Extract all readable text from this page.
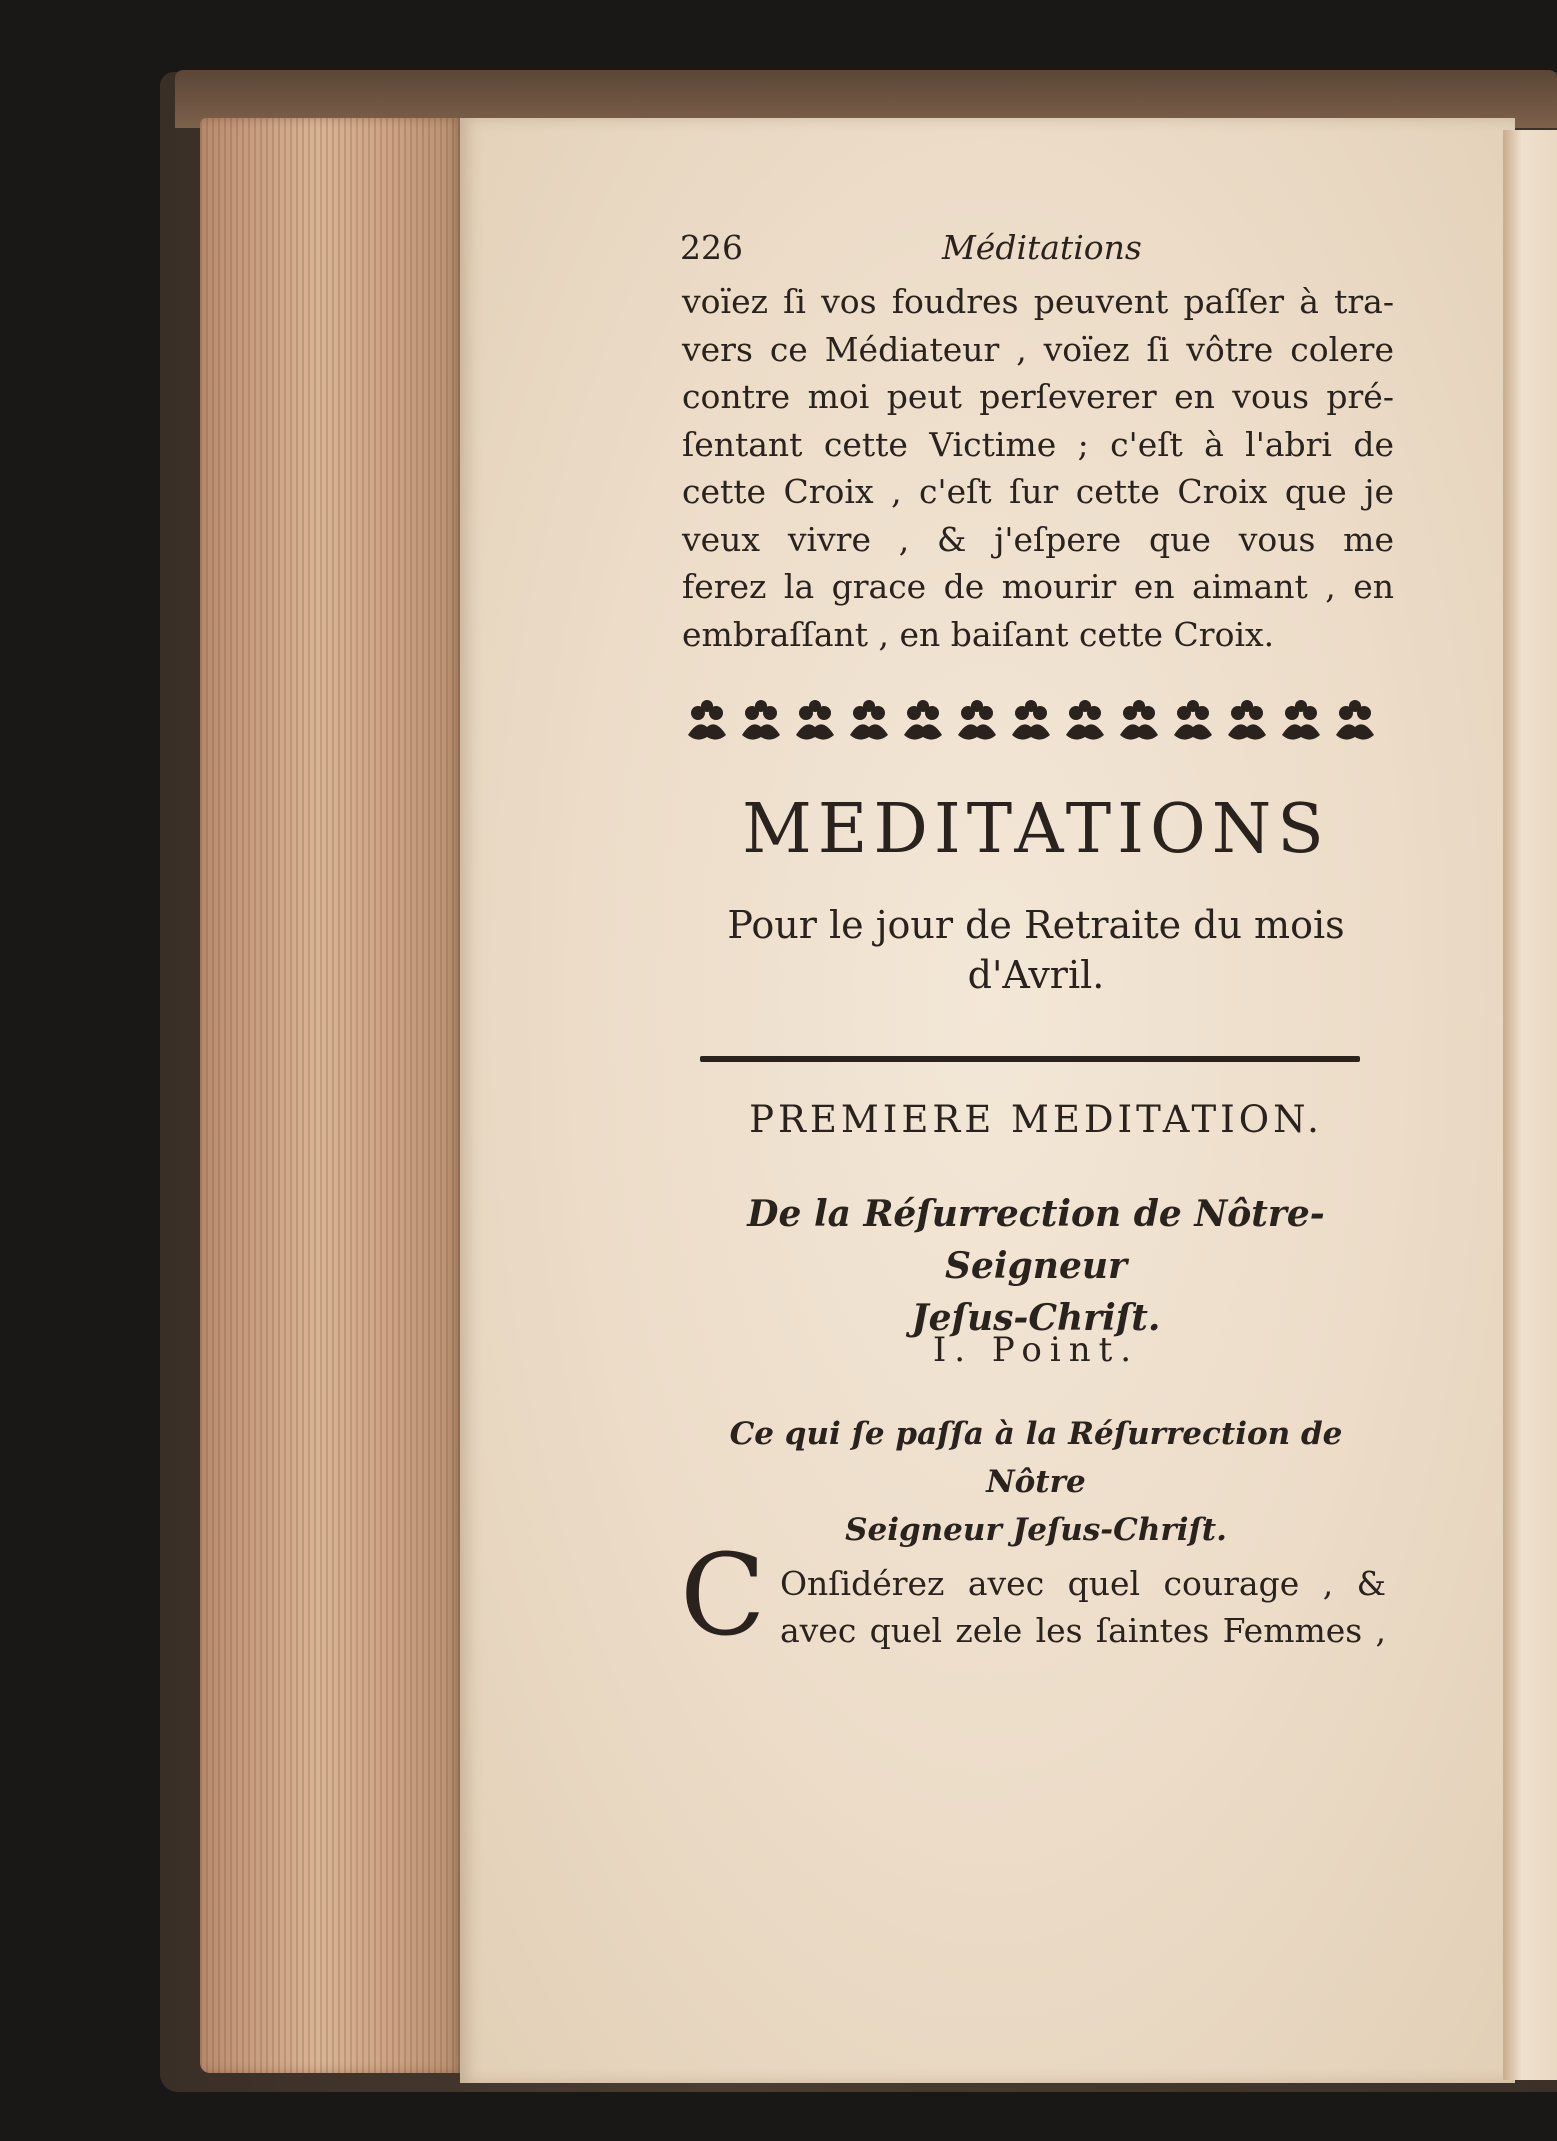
226	Méditations
voïez ſi vos foudres peuvent paſſer à tra-
vers ce Médiateur , voïez ſi vôtre colere
contre moi peut perſeverer en vous pré-
ſentant cette Victime ; c'eſt à l'abri de
cette Croix , c'eſt ſur cette Croix que je
veux vivre , & j'eſpere que vous me
ferez la grace de mourir en aimant , en
embraſſant , en baiſant cette Croix.
MEDITATIONS
Pour le jour de Retraite du mois
d'Avril.
PREMIERE MEDITATION.
De la Réſurrection de Nôtre-Seigneur
Jeſus-Chriſt.
I. Point.
Ce qui ſe paſſa à la Réſurrection de Nôtre
Seigneur Jeſus-Chriſt.
C Onſidérez avec quel courage , &
avec quel zele les ſaintes Femmes ,
